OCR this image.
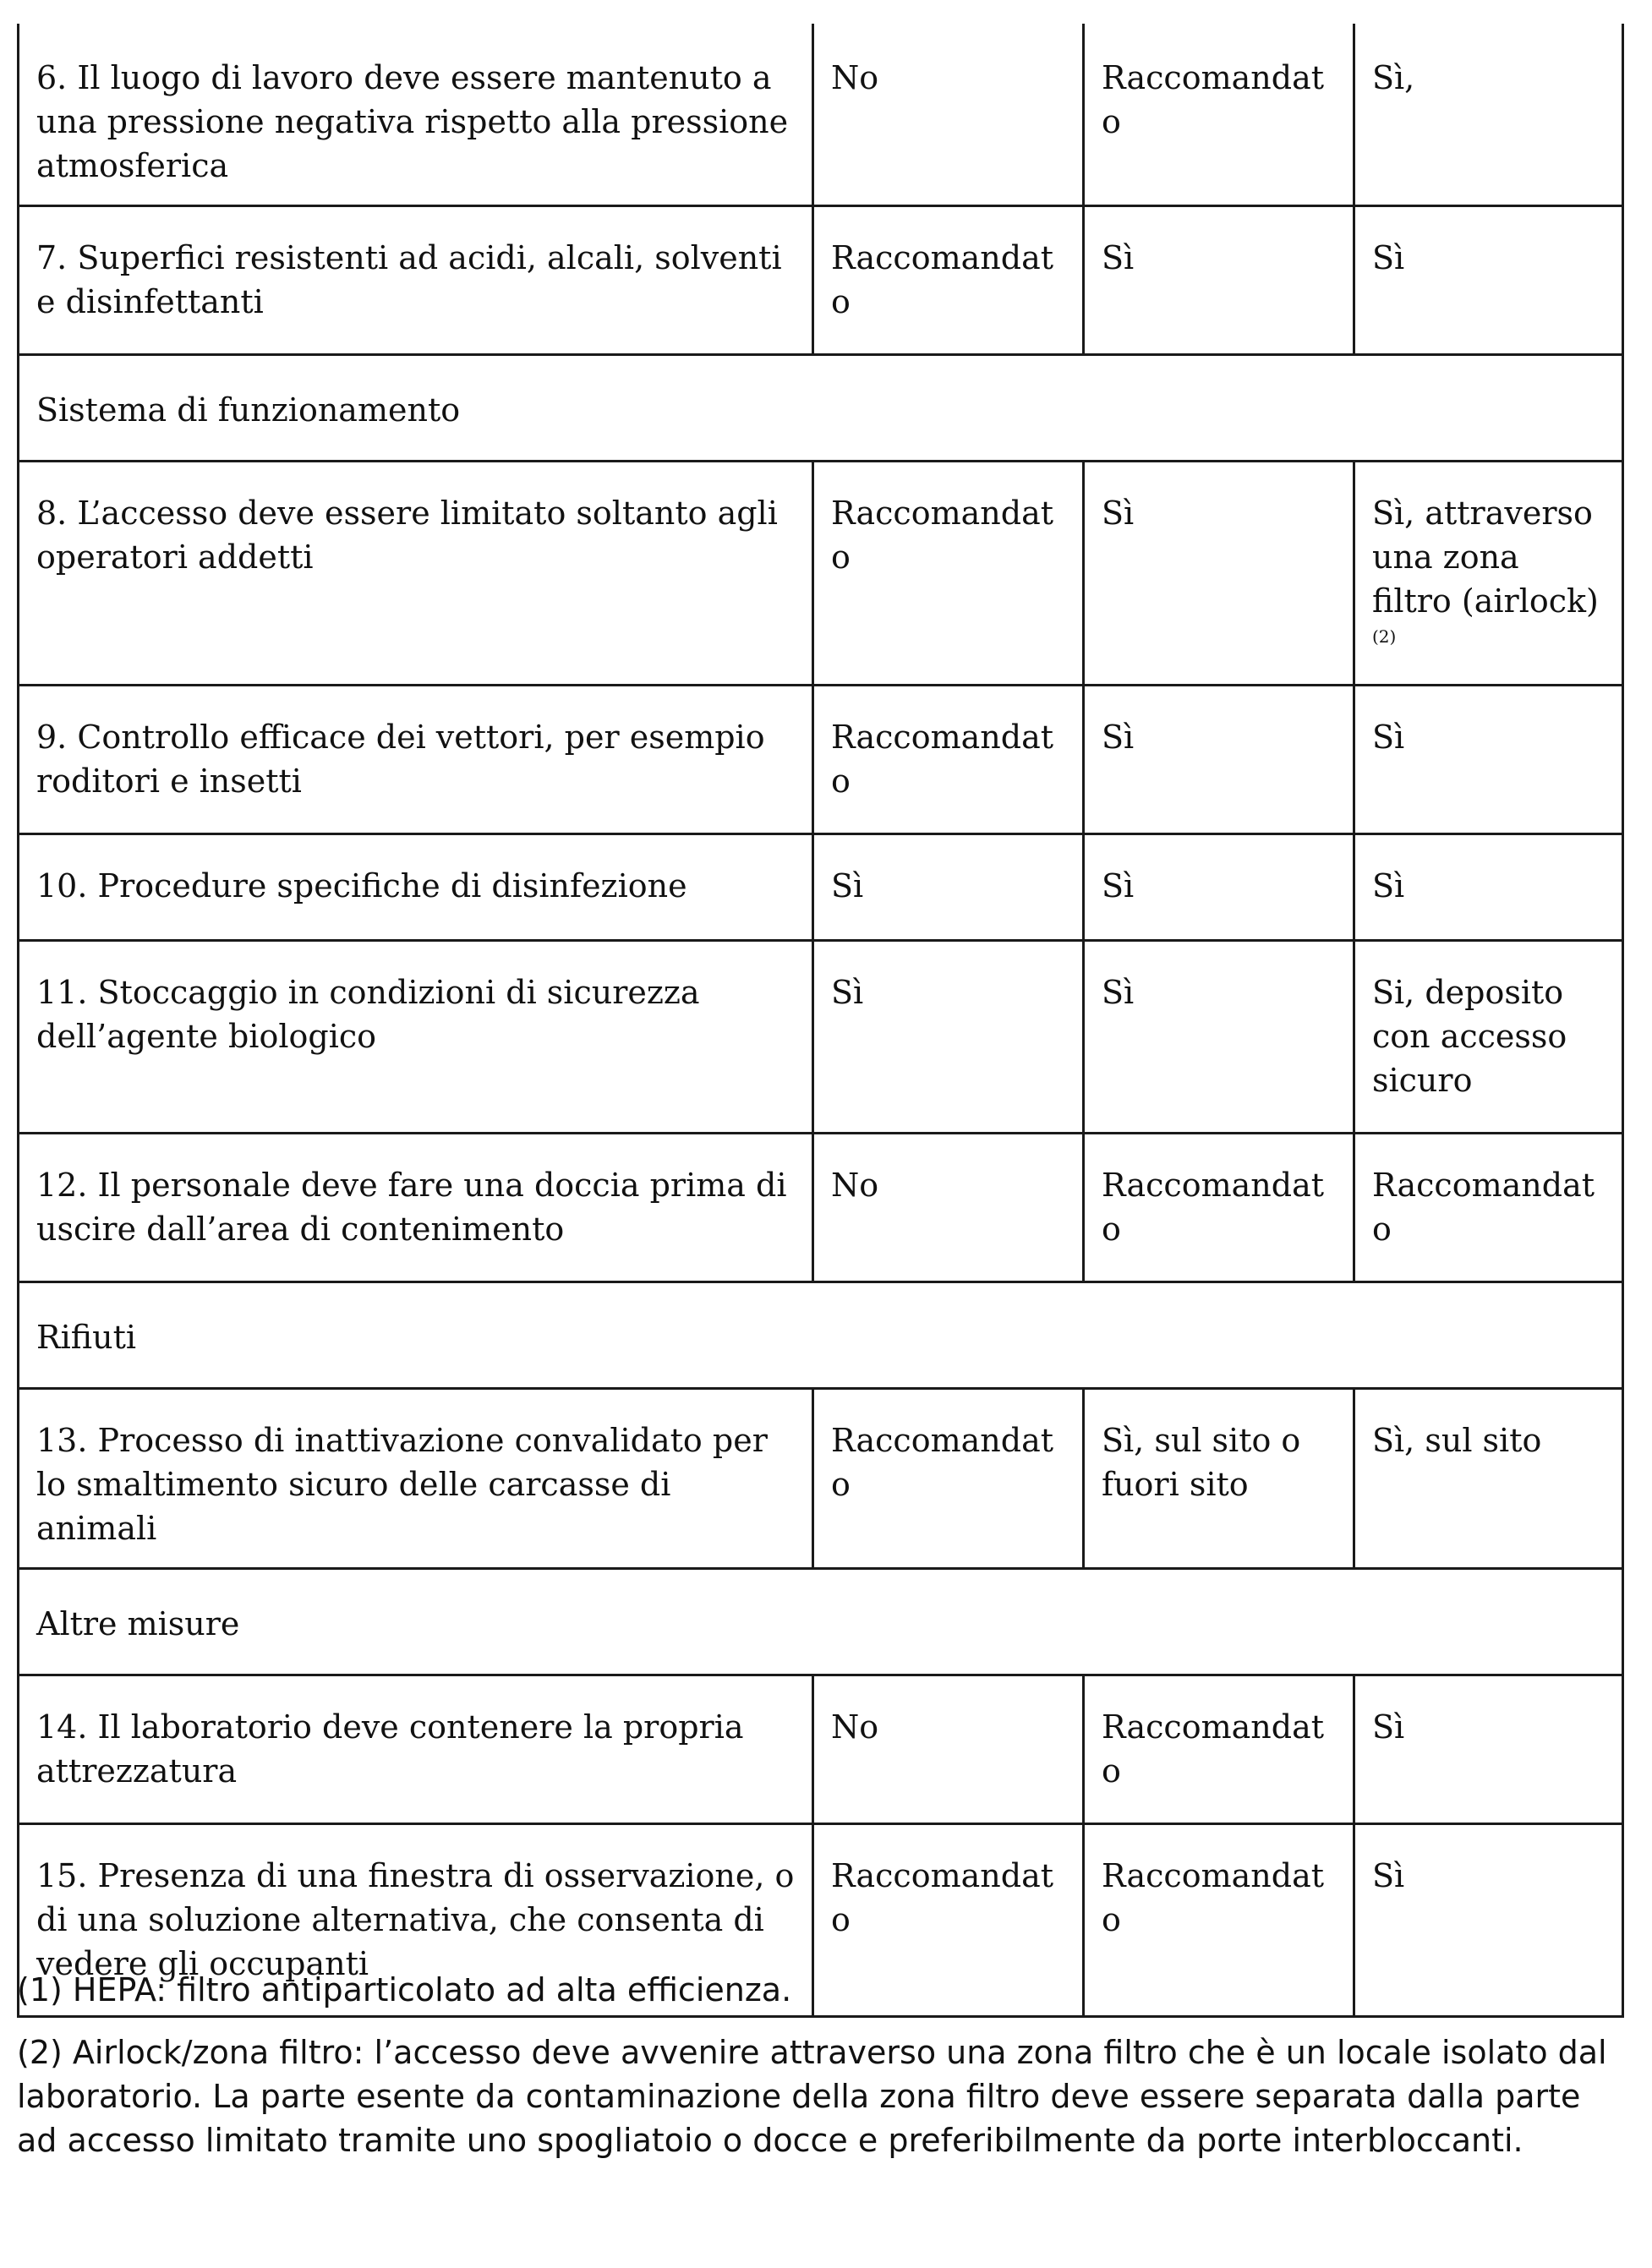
6. Il luogo di lavoro deve essere mantenuto a una pressione negativa rispetto alla pressione atmosferica	No	Raccomandato	Sì,
7. Superfici resistenti ad acidi, alcali, solventi e disinfettanti	Raccomandato	Sì	Sì
Sistema di funzionamento			
8. L’accesso deve essere limitato soltanto agli operatori addetti	Raccomandato	Sì	Sì, attraverso una zona filtro (airlock)$^{(2)}$
9. Controllo efficace dei vettori, per esempio roditori e insetti	Raccomandato	Sì	Sì
10. Procedure specifiche di disinfezione	Sì	Sì	Sì
11. Stoccaggio in condizioni di sicurezza dell’agente biologico	Sì	Sì	Si, deposito con accesso sicuro
12. Il personale deve fare una doccia prima di uscire dall’area di contenimento	No	Raccomandato	Raccomandato
Rifiuti			
13. Processo di inattivazione convalidato per lo smaltimento sicuro delle carcasse di animali	Raccomandato	Sì, sul sito o fuori sito	Sì, sul sito
Altre misure			
14. Il laboratorio deve contenere la propria attrezzatura	No	Raccomandato	Sì
15. Presenza di una finestra di osservazione, o di una soluzione alternativa, che consenta di vedere gli occupanti	Raccomandato	Raccomandato	Sì

(1) HEPA: filtro antiparticolato ad alta efficienza.

(2) Airlock/zona filtro: l’accesso deve avvenire attraverso una zona filtro che è un locale isolato dal laboratorio. La parte esente da contaminazione della zona filtro deve essere separata dalla parte ad accesso limitato tramite uno spogliatoio o docce e preferibilmente da porte interbloccanti.
